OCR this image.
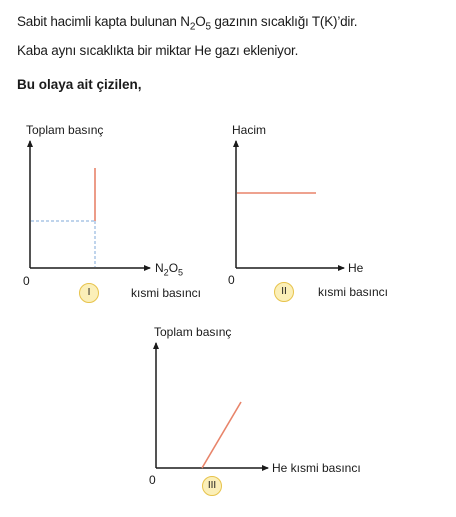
Sabit hacimli kapta bulunan $N_2O_5$ gazının sıcaklığı T(K)’dir.
Kaba aynı sıcaklıkta bir miktar He gazı ekleniyor.
Bu olaya ait çizilen,
Toplam basınç
$N_2O_5$
kısmi basıncı
0
I
Hacim
He
kısmi basıncı
0
II
Toplam basınç
He kısmi basıncı
0	III
